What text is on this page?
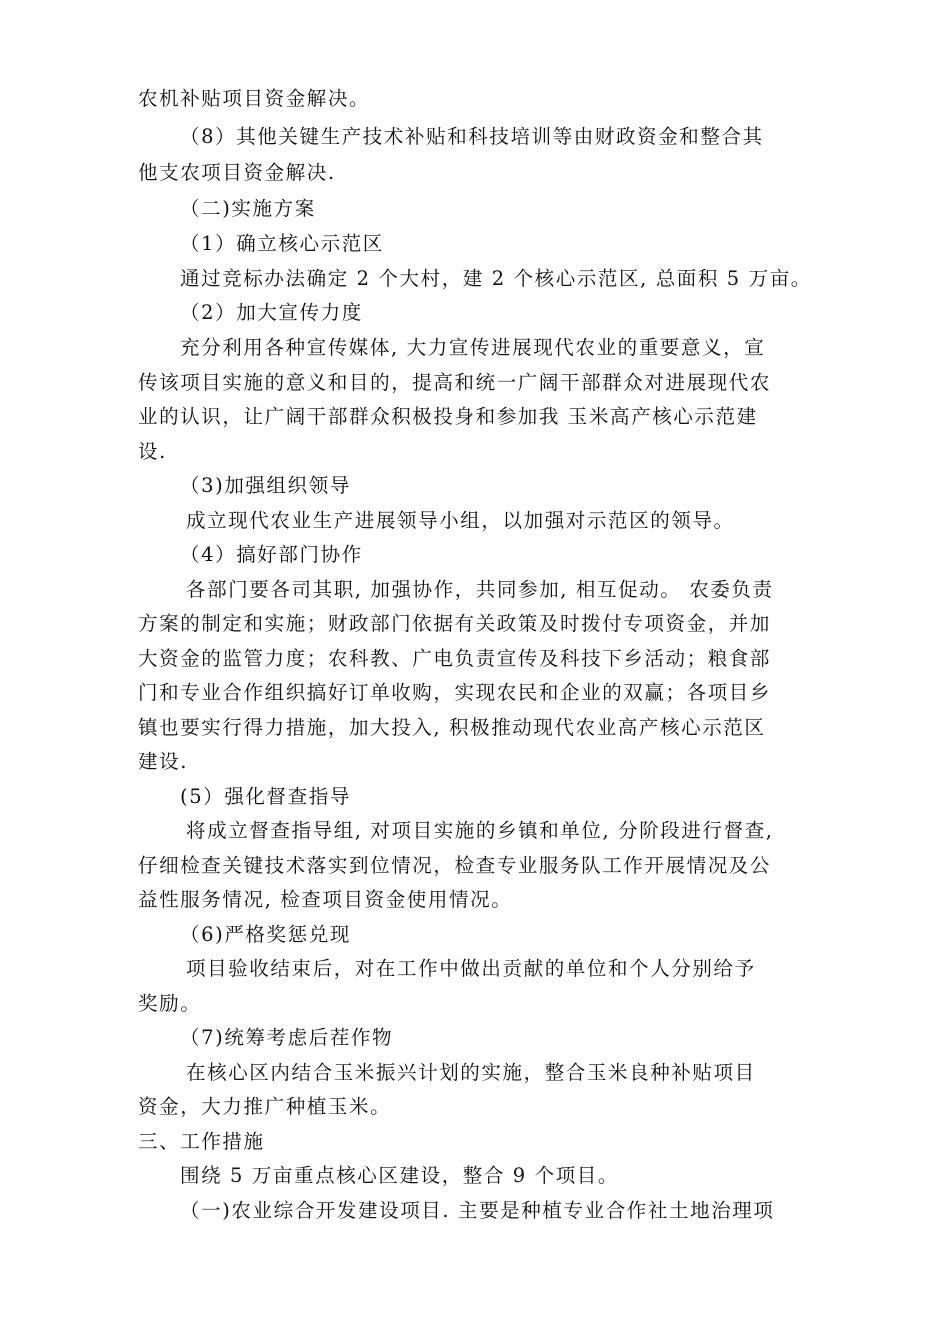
农机补贴项目资金解决。
（8）其他关键生产技术补贴和科技培训等由财政资金和整合其
他支农项目资金解决.
（二)实施方案
（1）确立核心示范区
通过竞标办法确定 2 个大村，建 2 个核心示范区, 总面积 5 万亩。
（2）加大宣传力度
充分利用各种宣传媒体, 大力宣传进展现代农业的重要意义，宣
传该项目实施的意义和目的，提高和统一广阔干部群众对进展现代农
业的认识，让广阔干部群众积极投身和参加我 玉米高产核心示范建
设.
（3)加强组织领导
成立现代农业生产进展领导小组，以加强对示范区的领导。
（4）搞好部门协作
各部门要各司其职, 加强协作，共同参加, 相互促动。 农委负责
方案的制定和实施；财政部门依据有关政策及时拨付专项资金，并加
大资金的监管力度；农科教、广电负责宣传及科技下乡活动；粮食部
门和专业合作组织搞好订单收购，实现农民和企业的双赢；各项目乡
镇也要实行得力措施，加大投入, 积极推动现代农业高产核心示范区
建设.
(5）强化督查指导
将成立督查指导组, 对项目实施的乡镇和单位, 分阶段进行督查,
仔细检查关键技术落实到位情况，检查专业服务队工作开展情况及公
益性服务情况, 检查项目资金使用情况。
（6)严格奖惩兑现
项目验收结束后，对在工作中做出贡献的单位和个人分别给予
奖励。
（7)统筹考虑后茬作物
在核心区内结合玉米振兴计划的实施，整合玉米良种补贴项目
资金，大力推广种植玉米。
三、工作措施
围绕 5 万亩重点核心区建设，整合 9 个项目。
（一)农业综合开发建设项目. 主要是种植专业合作社土地治理项
